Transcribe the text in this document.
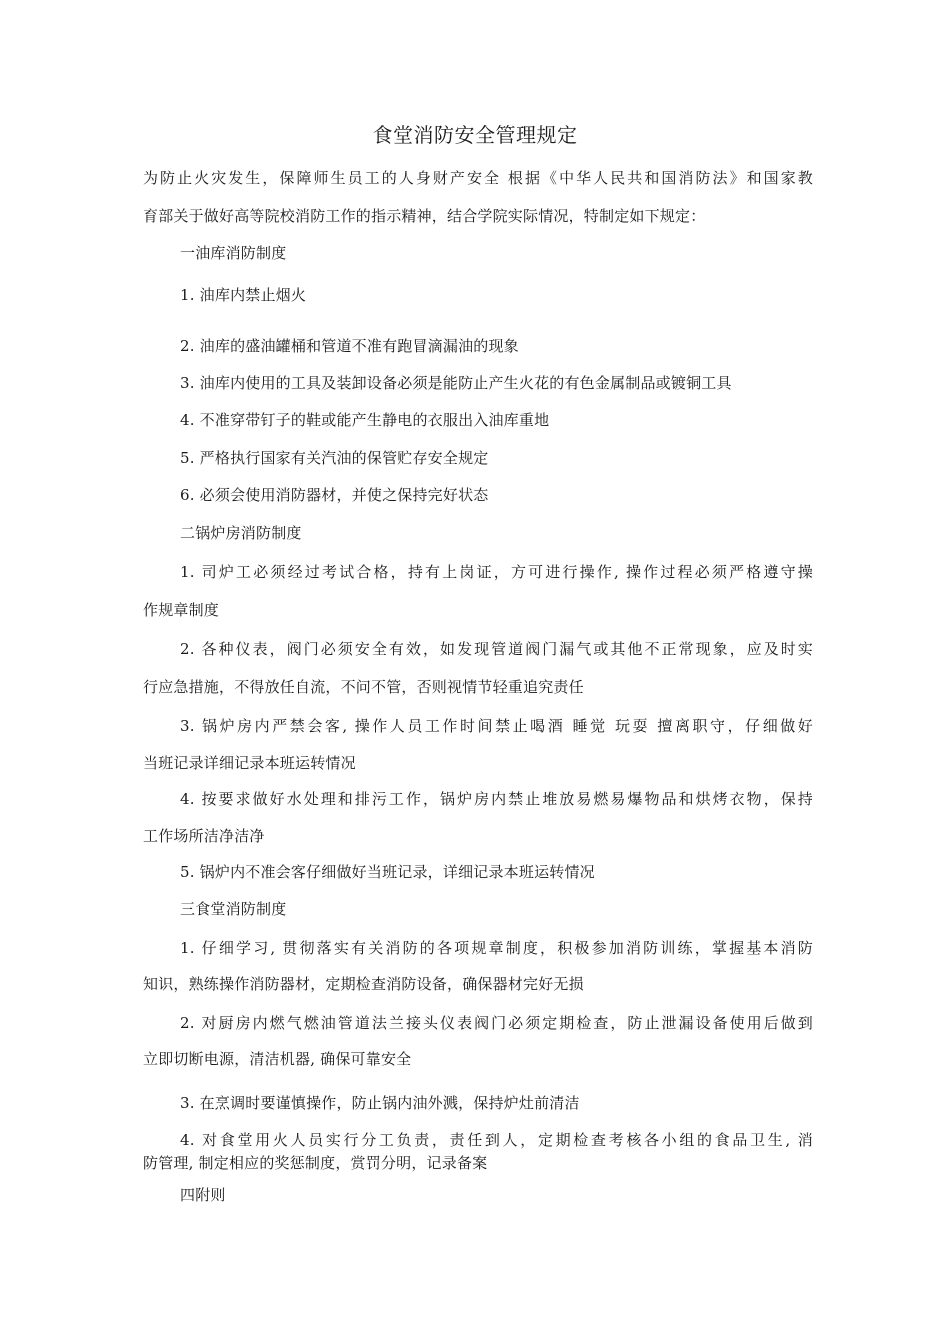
食堂消防安全管理规定

为防止火灾发生，保障师生员工的人身财产安全 根据《中华人民共和国消防法》和国家教

育部关于做好高等院校消防工作的指示精神，结合学院实际情况，特制定如下规定：

一油库消防制度

1. 油库内禁止烟火

2. 油库的盛油罐桶和管道不准有跑冒滴漏油的现象

3. 油库内使用的工具及装卸设备必须是能防止产生火花的有色金属制品或镀铜工具

4. 不准穿带钉子的鞋或能产生静电的衣服出入油库重地

5. 严格执行国家有关汽油的保管贮存安全规定

6. 必须会使用消防器材，并使之保持完好状态

二锅炉房消防制度

1. 司炉工必须经过考试合格，持有上岗证，方可进行操作, 操作过程必须严格遵守操

作规章制度

2. 各种仪表，阀门必须安全有效，如发现管道阀门漏气或其他不正常现象，应及时实

行应急措施，不得放任自流，不问不管，否则视情节轻重追究责任

3. 锅炉房内严禁会客, 操作人员工作时间禁止喝酒 睡觉 玩耍 擅离职守，仔细做好

当班记录详细记录本班运转情况

4. 按要求做好水处理和排污工作，锅炉房内禁止堆放易燃易爆物品和烘烤衣物，保持

工作场所洁净洁净

5. 锅炉内不准会客仔细做好当班记录，详细记录本班运转情况

三食堂消防制度

1. 仔细学习, 贯彻落实有关消防的各项规章制度，积极参加消防训练，掌握基本消防

知识，熟练操作消防器材，定期检查消防设备，确保器材完好无损

2. 对厨房内燃气燃油管道法兰接头仪表阀门必须定期检查，防止泄漏设备使用后做到

立即切断电源，清洁机器, 确保可靠安全

3. 在烹调时要谨慎操作，防止锅内油外溅，保持炉灶前清洁

4. 对食堂用火人员实行分工负责，责任到人，定期检查考核各小组的食品卫生, 消

防管理, 制定相应的奖惩制度，赏罚分明，记录备案

四附则
